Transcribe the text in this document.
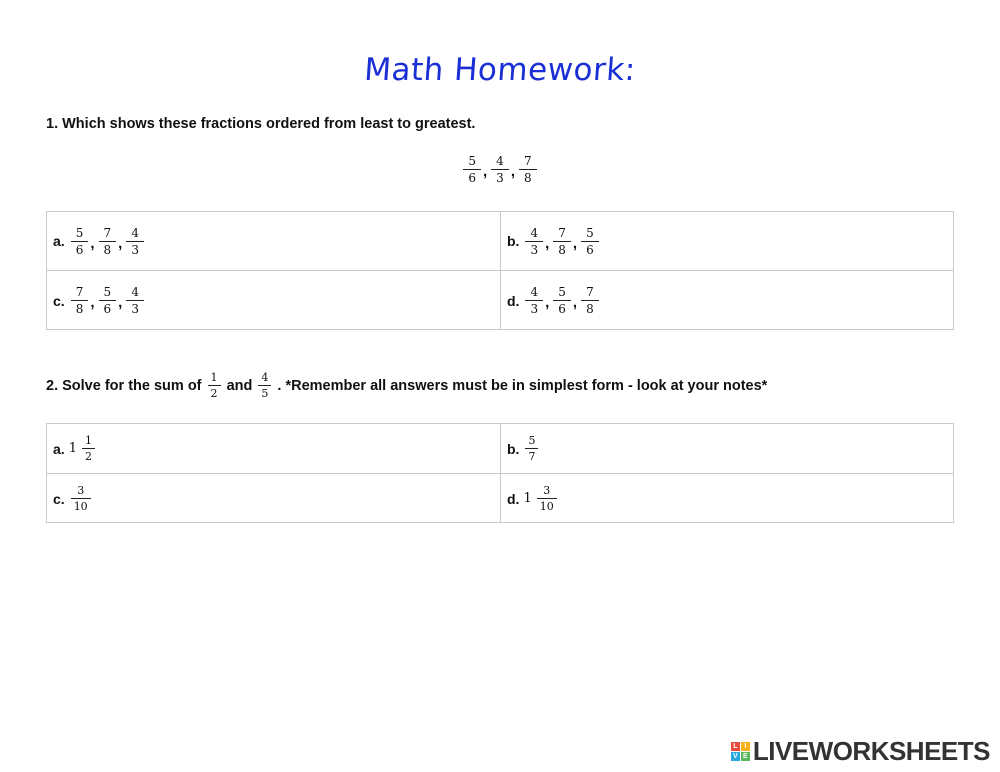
Math Homework:
1. Which shows these fractions ordered from least to greatest.
$\frac{5}{6}$ , $\frac{4}{3}$ , $\frac{7}{8}$
a. $\frac{5}{6}$ , $\frac{7}{8}$ , $\frac{4}{3}$	b. $\frac{4}{3}$ , $\frac{7}{8}$ , $\frac{5}{6}$
c. $\frac{7}{8}$ , $\frac{5}{6}$ , $\frac{4}{3}$	d. $\frac{4}{3}$ , $\frac{5}{6}$ , $\frac{7}{8}$
2. Solve for the sum of
$\frac{1}{2}$
and
$\frac{4}{5}$
. *Remember all answers must be in simplest form - look at your notes*
a. $1 \frac{1}{2}$	b. $\frac{5}{7}$
c. $\frac{3}{10}$	d. $1 \frac{3}{10}$
L I
V E LIVEWORKSHEETS
